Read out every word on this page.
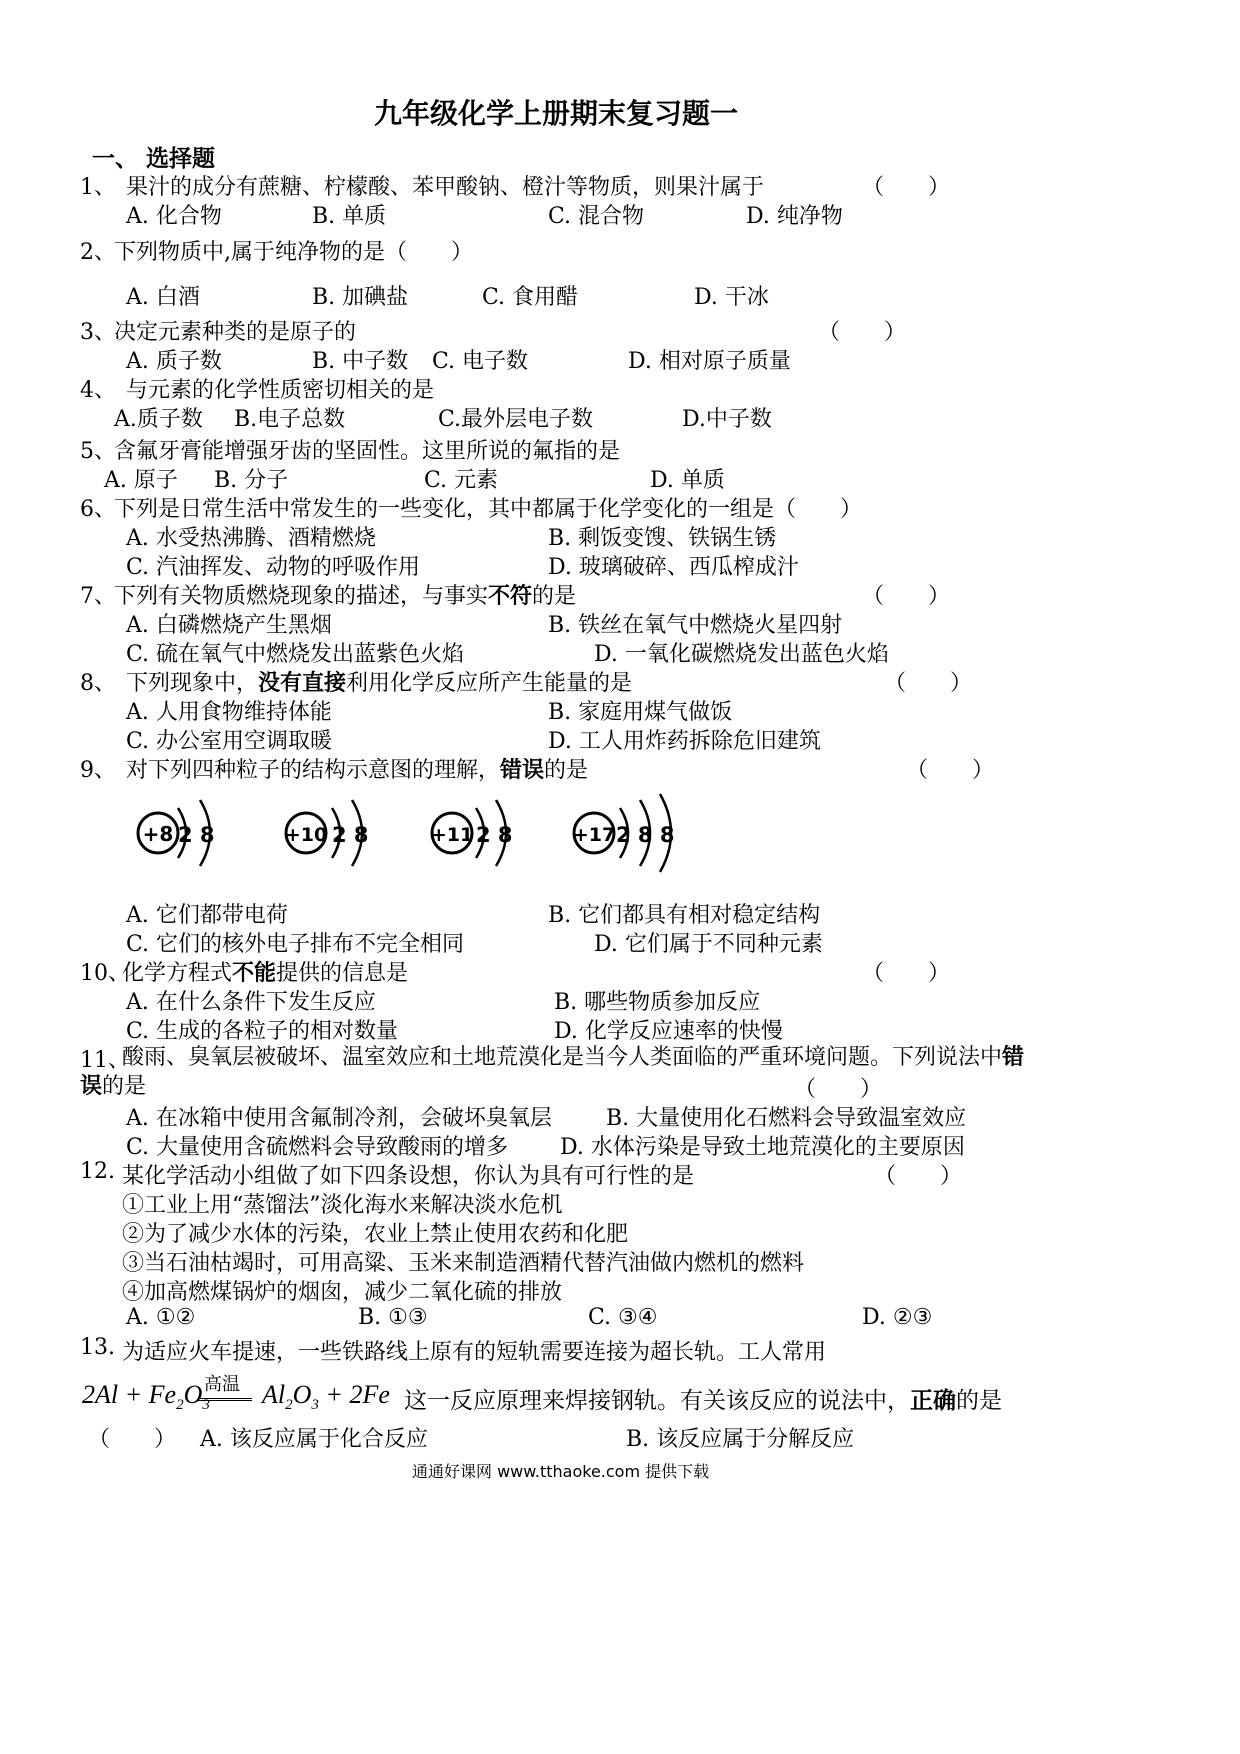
九年级化学上册期末复习题一
一、 选择题
1、 果汁的成分有蔗糖、柠檬酸、苯甲酸钠、橙汁等物质，则果汁属于	（　　）
A. 化合物	B. 单质	C. 混合物	D. 纯净物
2、
下列物质中,属于纯净物的是（　　）
A. 白酒	B. 加碘盐	C. 食用醋	D. 干冰
3、
决定元素种类的是原子的	（　　）
A. 质子数	B. 中子数 C. 电子数	D. 相对原子质量
4、 与元素的化学性质密切相关的是
A.质子数 B.电子总数	C.最外层电子数	D.中子数
5、
含氟牙膏能增强牙齿的坚固性。这里所说的氟指的是
A. 原子 B. 分子	C. 元素	D. 单质
6、
下列是日常生活中常发生的一些变化，其中都属于化学变化的一组是（　　）
A. 水受热沸腾、酒精燃烧	B. 剩饭变馊、铁锅生锈
C. 汽油挥发、动物的呼吸作用	D. 玻璃破碎、西瓜榨成汁
7、
下列有关物质燃烧现象的描述，与事实不符的是	（　　）
A. 白磷燃烧产生黑烟	B. 铁丝在氧气中燃烧火星四射
C. 硫在氧气中燃烧发出蓝紫色火焰	D. 一氧化碳燃烧发出蓝色火焰
8、 下列现象中，没有直接利用化学反应所产生能量的是	（　　）
A. 人用食物维持体能	B. 家庭用煤气做饭
C. 办公室用空调取暖	D. 工人用炸药拆除危旧建筑
9、 对下列四种粒子的结构示意图的理解，错误的是	（　　）
+8 2 8	+10 2 8	+11 2 8	+17 2 8 8
A. 它们都带电荷	B. 它们都具有相对稳定结构
C. 它们的核外电子排布不完全相同	D. 它们属于不同种元素
10、
化学方程式不能提供的信息是	（　　）
A. 在什么条件下发生反应	B. 哪些物质参加反应
C. 生成的各粒子的相对数量	D. 化学反应速率的快慢
11、
酸雨、臭氧层被破坏、温室效应和土地荒漠化是当今人类面临的严重环境问题。下列说法中错误的是	（　　）
A. 在冰箱中使用含氟制冷剂，会破坏臭氧层 B. 大量使用化石燃料会导致温室效应
C. 大量使用含硫燃料会导致酸雨的增多 D. 水体污染是导致土地荒漠化的主要原因
12. 某化学活动小组做了如下四条设想，你认为具有可行性的是	（　　）
①工业上用“蒸馏法”淡化海水来解决淡水危机
②为了减少水体的污染，农业上禁止使用农药和化肥
③当石油枯竭时，可用高粱、玉米来制造酒精代替汽油做内燃机的燃料
④加高燃煤锅炉的烟囱，减少二氧化硫的排放
A. ①②	B. ①③	C. ③④	D. ②③
13. 为适应火车提速，一些铁路线上原有的短轨需要连接为超长轨。工人常用
$2Al + Fe_2O_3$
高温 $Al_2O_3 + 2Fe$ 这一反应原理来焊接钢轨。有关该反应的说法中，正确的是
（　　） A. 该反应属于化合反应	B. 该反应属于分解反应
通通好课网 www.tthaoke.com 提供下载
